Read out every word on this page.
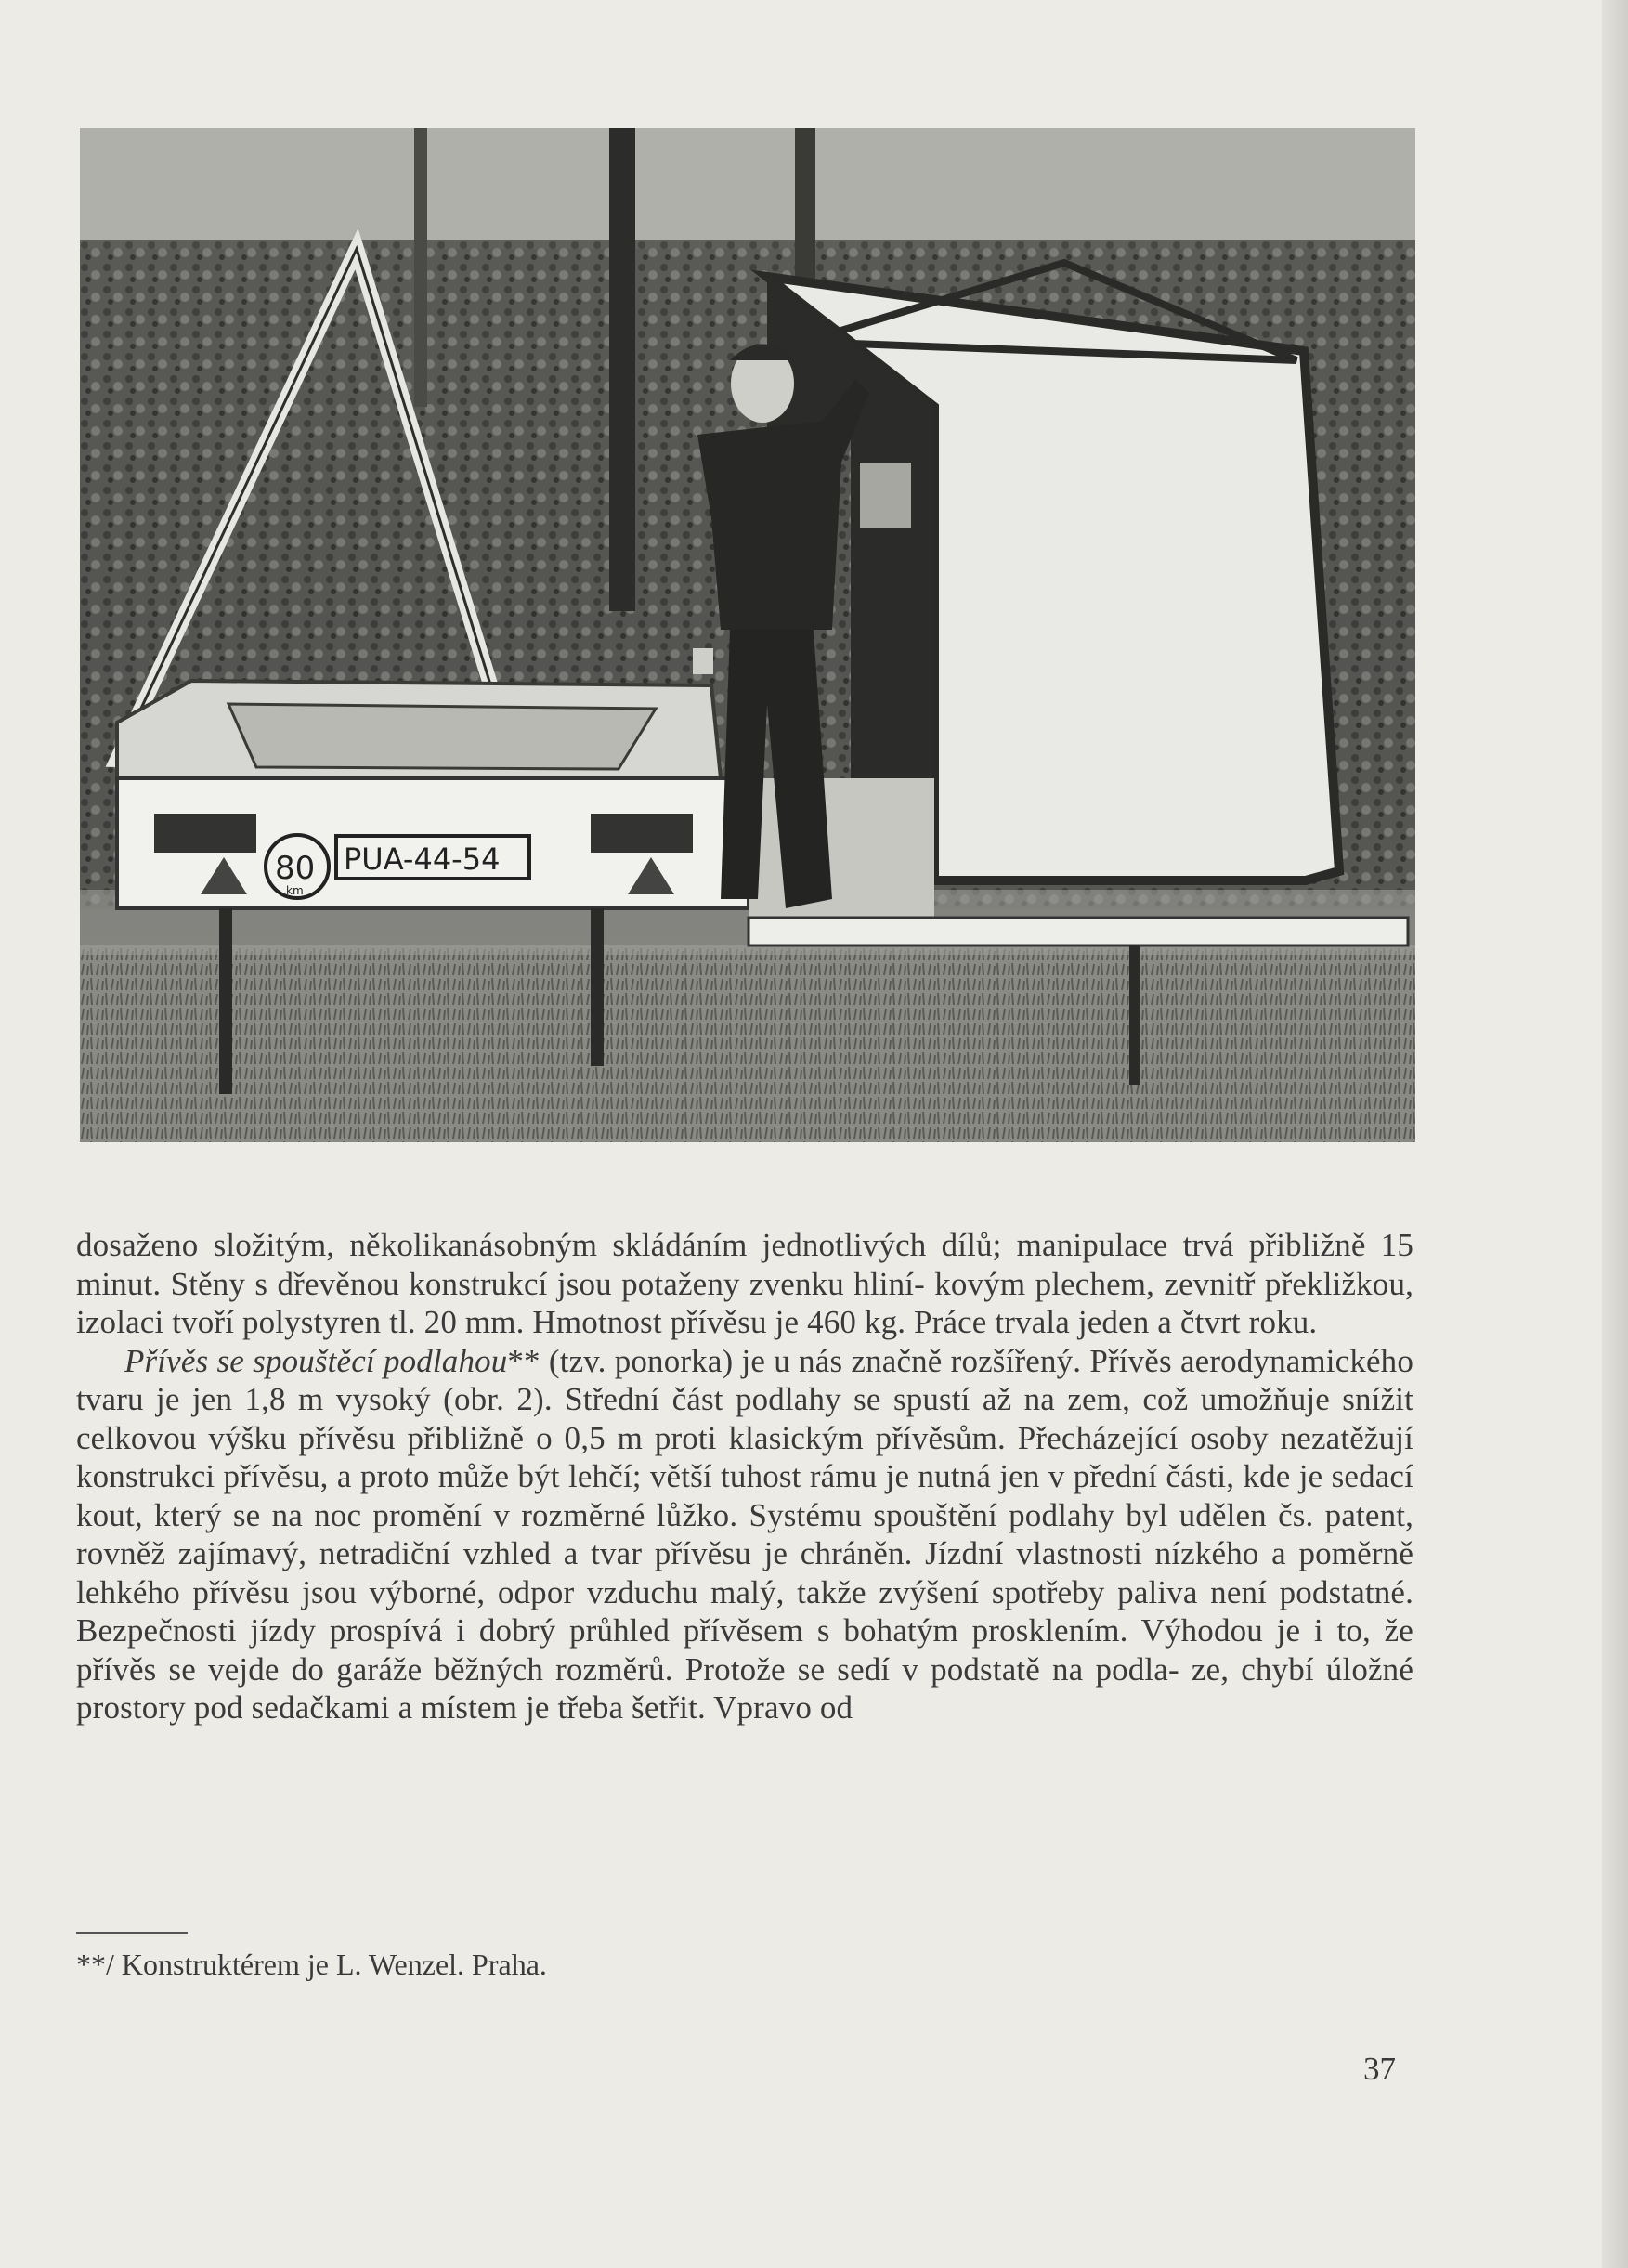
80
km
PUA-44-54

dosaženo složitým, několikanásobným skládáním jednotlivých dílů; manipulace trvá přibližně 15 minut. Stěny s dřevěnou konstrukcí jsou potaženy zvenku hliní- kovým plechem, zevnitř překližkou, izolaci tvoří polystyren tl. 20 mm. Hmotnost přívěsu je 460 kg. Práce trvala jeden a čtvrt roku.

Přívěs se spouštěcí podlahou** (tzv. ponorka) je u nás značně rozšířený. Přívěs aerodynamického tvaru je jen 1,8 m vysoký (obr. 2). Střední část podlahy se spustí až na zem, což umožňuje snížit celkovou výšku přívěsu přibližně o 0,5 m proti klasickým přívěsům. Přecházející osoby nezatěžují konstrukci přívěsu, a proto může být lehčí; větší tuhost rámu je nutná jen v přední části, kde je sedací kout, který se na noc promění v rozměrné lůžko. Systému spouštění podlahy byl udělen čs. patent, rovněž zajímavý, netradiční vzhled a tvar přívěsu je chráněn. Jízdní vlastnosti nízkého a poměrně lehkého přívěsu jsou výborné, odpor vzduchu malý, takže zvýšení spotřeby paliva není podstatné. Bezpečnosti jízdy prospívá i dobrý průhled přívěsem s bohatým prosklením. Výhodou je i to, že přívěs se vejde do garáže běžných rozměrů. Protože se sedí v podstatě na podla- ze, chybí úložné prostory pod sedačkami a místem je třeba šetřit. Vpravo od

**/ Konstruktérem je L. Wenzel. Praha.
37
